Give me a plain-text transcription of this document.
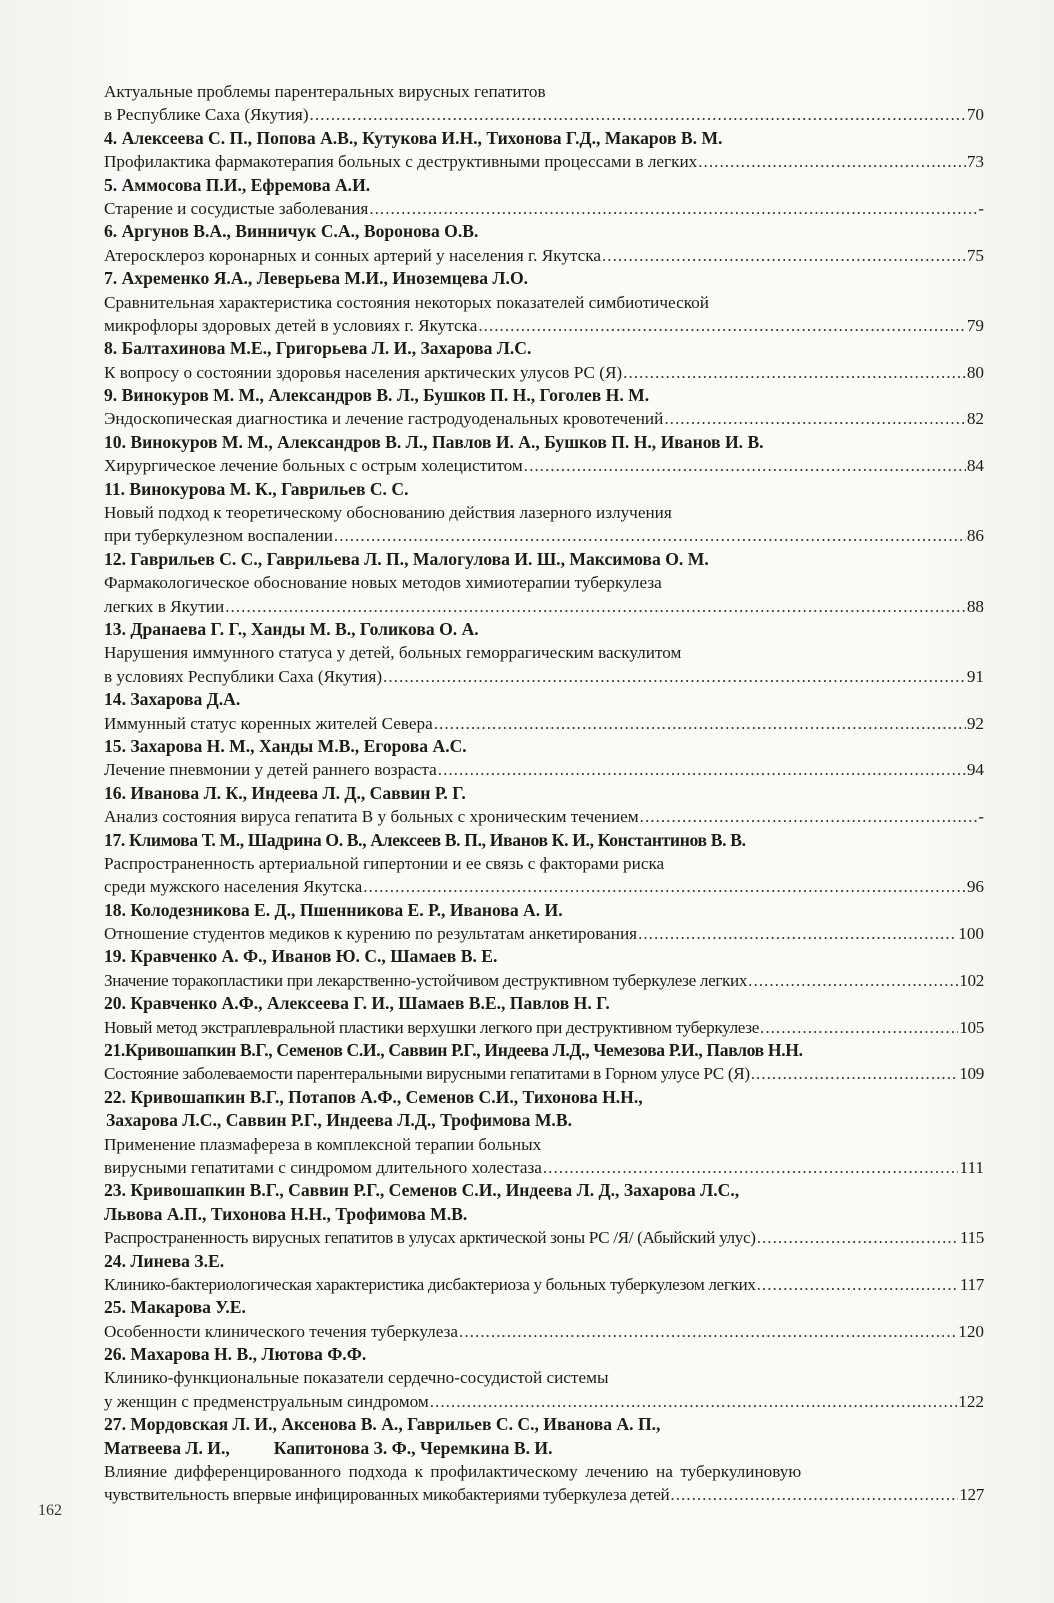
Актуальные проблемы парентеральных вирусных гепатитов
в Республике Саха (Якутия) .....	70
4. Алексеева С. П., Попова А.В., Кутукова И.Н., Тихонова Г.Д., Макаров В. М.
Профилактика фармакотерапия больных с деструктивными процессами в легких .....	73
5. Аммосова П.И., Ефремова А.И.
Старение и сосудистые заболевания .....	-
6. Аргунов В.А., Винничук С.А., Воронова О.В.
Атеросклероз коронарных и сонных артерий у населения г. Якутска .....	75
7. Ахременко Я.А., Леверьева М.И., Иноземцева Л.О.
Сравнительная характеристика состояния некоторых показателей симбиотической
микрофлоры здоровых детей в условиях г. Якутска .....	79
8. Балтахинова М.Е., Григорьева Л. И., Захарова Л.С.
К вопросу о состоянии здоровья населения арктических улусов РС (Я) .....	80
9. Винокуров М. М., Александров В. Л., Бушков П. Н., Гоголев Н. М.
Эндоскопическая диагностика и лечение гастродуоденальных кровотечений .....	82
10. Винокуров М. М., Александров В. Л., Павлов И. А., Бушков П. Н., Иванов И. В.
Хирургическое лечение больных с острым холециститом .....	84
11. Винокурова М. К., Гаврильев С. С.
Новый подход к теоретическому обоснованию действия лазерного излучения
при туберкулезном воспалении .....	86
12. Гаврильев С. С., Гаврильева Л. П., Малогулова И. Ш., Максимова О. М.
Фармакологическое обоснование новых методов химиотерапии туберкулеза
легких в Якутии .....	88
13. Дранаева Г. Г., Ханды М. В., Голикова О. А.
Нарушения иммунного статуса у детей, больных геморрагическим васкулитом
в условиях Республики Саха (Якутия) .....	91
14. Захарова Д.А.
Иммунный статус коренных жителей Севера .....	92
15. Захарова Н. М., Ханды М.В., Егорова А.С.
Лечение пневмонии у детей раннего возраста .....	94
16. Иванова Л. К., Индеева Л. Д., Саввин Р. Г.
Анализ состояния вируса гепатита В у больных с хроническим течением .....	-
17. Климова Т. М., Шадрина О. В., Алексеев В. П., Иванов К. И., Константинов В. В.
Распространенность артериальной гипертонии и ее связь с факторами риска
среди мужского населения Якутска .....	96
18. Колодезникова Е. Д., Пшенникова Е. Р., Иванова А. И.
Отношение студентов медиков к курению по результатам анкетирования .....	100
19. Кравченко А. Ф., Иванов Ю. С., Шамаев В. Е.
Значение торакопластики при лекарственно-устойчивом деструктивном туберкулезе легких .....	102
20. Кравченко А.Ф., Алексеева Г. И., Шамаев В.Е., Павлов Н. Г.
Новый метод экстраплевральной пластики верхушки легкого при деструктивном туберкулезе .....	105
21.Кривошапкин В.Г., Семенов С.И., Саввин Р.Г., Индеева Л.Д., Чемезова Р.И., Павлов Н.Н.
Состояние заболеваемости парентеральными вирусными гепатитами в Горном улусе РС (Я) .....	109
22. Кривошапкин В.Г., Потапов А.Ф., Семенов С.И., Тихонова Н.Н.,
Захарова Л.С., Саввин Р.Г., Индеева Л.Д., Трофимова М.В.
Применение плазмафереза в комплексной терапии больных
вирусными гепатитами с синдромом длительного холестаза .....	111
23. Кривошапкин В.Г., Саввин Р.Г., Семенов С.И., Индеева Л. Д., Захарова Л.С.,
Львова А.П., Тихонова Н.Н., Трофимова М.В.
Распространенность вирусных гепатитов в улусах арктической зоны РС /Я/ (Абыйский улус) .....	115
24. Линева З.Е.
Клинико-бактериологическая характеристика дисбактериоза у больных туберкулезом легких .....	117
25. Макарова У.Е.
Особенности клинического течения туберкулеза .....	120
26. Махарова Н. В., Лютова Ф.Ф.
Клинико-функциональные показатели сердечно-сосудистой системы
у женщин с предменструальным синдромом .....	122
27. Мордовская Л. И., Аксенова В. А., Гаврильев С. С., Иванова А. П.,
Матвеева Л. И.,	Капитонова З. Ф., Черемкина В. И.
Влияние дифференцированного подхода к профилактическому лечению на туберкулиновую
чувствительность впервые инфицированных микобактериями туберкулеза детей .....	127
162
